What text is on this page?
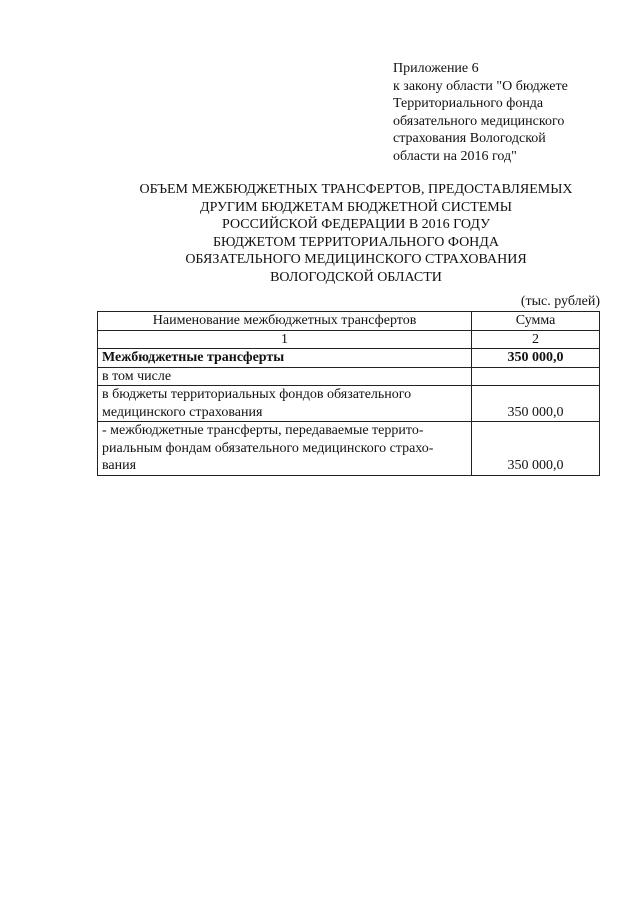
Приложение 6
к закону области "О бюджете
Территориального фонда
обязательного медицинского
страхования Вологодской
области на 2016 год"
ОБЪЕМ МЕЖБЮДЖЕТНЫХ ТРАНСФЕРТОВ, ПРЕДОСТАВЛЯЕМЫХ
ДРУГИМ БЮДЖЕТАМ БЮДЖЕТНОЙ СИСТЕМЫ
РОССИЙСКОЙ ФЕДЕРАЦИИ В 2016 ГОДУ
БЮДЖЕТОМ ТЕРРИТОРИАЛЬНОГО ФОНДА
ОБЯЗАТЕЛЬНОГО МЕДИЦИНСКОГО СТРАХОВАНИЯ
ВОЛОГОДСКОЙ ОБЛАСТИ
(тыс. рублей)
Наименование межбюджетных трансфертов	Сумма
1	2

Межбюджетные трансферты	350 000,0

в том числе	

в бюджеты территориальных фондов обязательного
медицинского страхования	350 000,0

- межбюджетные трансферты, передаваемые террито-
риальным фондам обязательного медицинского страхо-
вания	350 000,0
